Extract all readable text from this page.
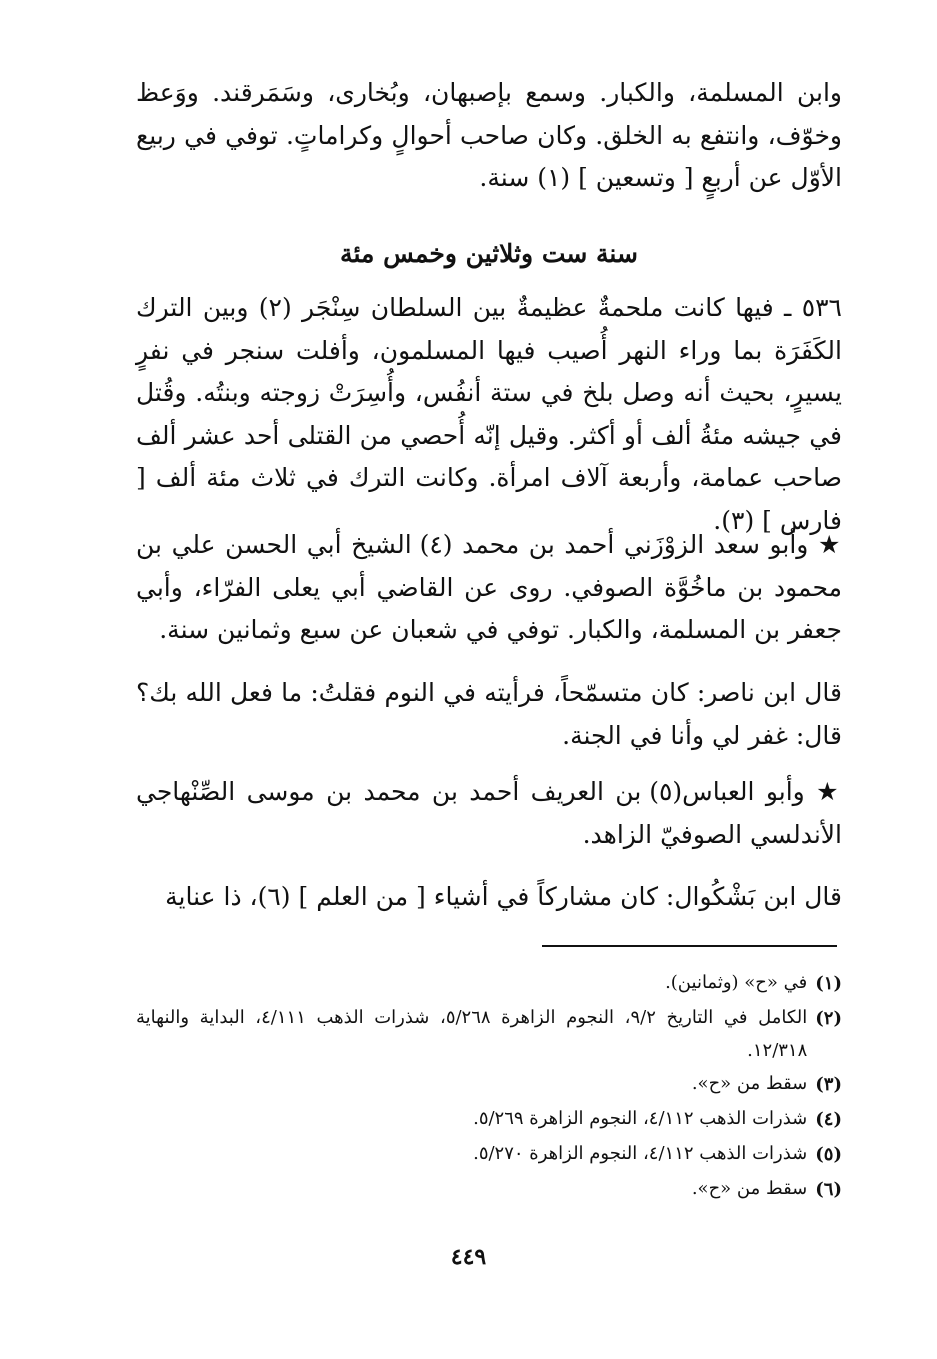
وابن المسلمة، والكبار. وسمع بإصبهان، وبُخارى، وسَمَرقند. ووَعظ وخوّف، وانتفع به الخلق. وكان صاحب أحوالٍ وكراماتٍ. توفي في ربيع الأوّل عن أربعٍ [ وتسعين ] (١) سنة.
سنة ست وثلاثين وخمس مئة
٥٣٦ ـ فيها كانت ملحمةٌ عظيمةٌ بين السلطان سِنْجَر (٢) وبين الترك الكَفَرَة بما وراء النهر أُصيب فيها المسلمون، وأفلت سنجر في نفرٍ يسيرٍ، بحيث أنه وصل بلخ في ستة أنفُس، وأُسِرَتْ زوجته وبنتُه. وقُتل في جيشه مئةُ ألف أو أكثر. وقيل إنّه أُحصي من القتلى أحد عشر ألف صاحب عمامة، وأربعة آلاف امرأة. وكانت الترك في ثلاث مئة ألف [ فارس ] (٣).
★ وأبو سعد الزوْزَني أحمد بن محمد (٤) الشيخ أبي الحسن علي بن محمود بن ماخُوَّة الصوفي. روى عن القاضي أبي يعلى الفرّاء، وأبي جعفر بن المسلمة، والكبار. توفي في شعبان عن سبع وثمانين سنة.
قال ابن ناصر: كان متسمّحاً، فرأيته في النوم فقلتُ: ما فعل الله بك؟ قال: غفر لي وأنا في الجنة.
★ وأبو العباس(٥) بن العريف أحمد بن محمد بن موسى الصِّنْهاجي الأندلسي الصوفيّ الزاهد.
قال ابن بَشْكُوال: كان مشاركاً في أشياء [ من العلم ] (٦)، ذا عناية
(١)
في «ح» (وثمانين).
(٢)
الكامل في التاريخ ٩/٢، النجوم الزاهرة ٥/٢٦٨، شذرات الذهب ٤/١١١، البداية والنهاية ١٢/٣١٨.
(٣)
سقط من «ح».
(٤)
شذرات الذهب ٤/١١٢، النجوم الزاهرة ٥/٢٦٩.
(٥)
شذرات الذهب ٤/١١٢، النجوم الزاهرة ٥/٢٧٠.
(٦)
سقط من «ح».
٤٤٩
